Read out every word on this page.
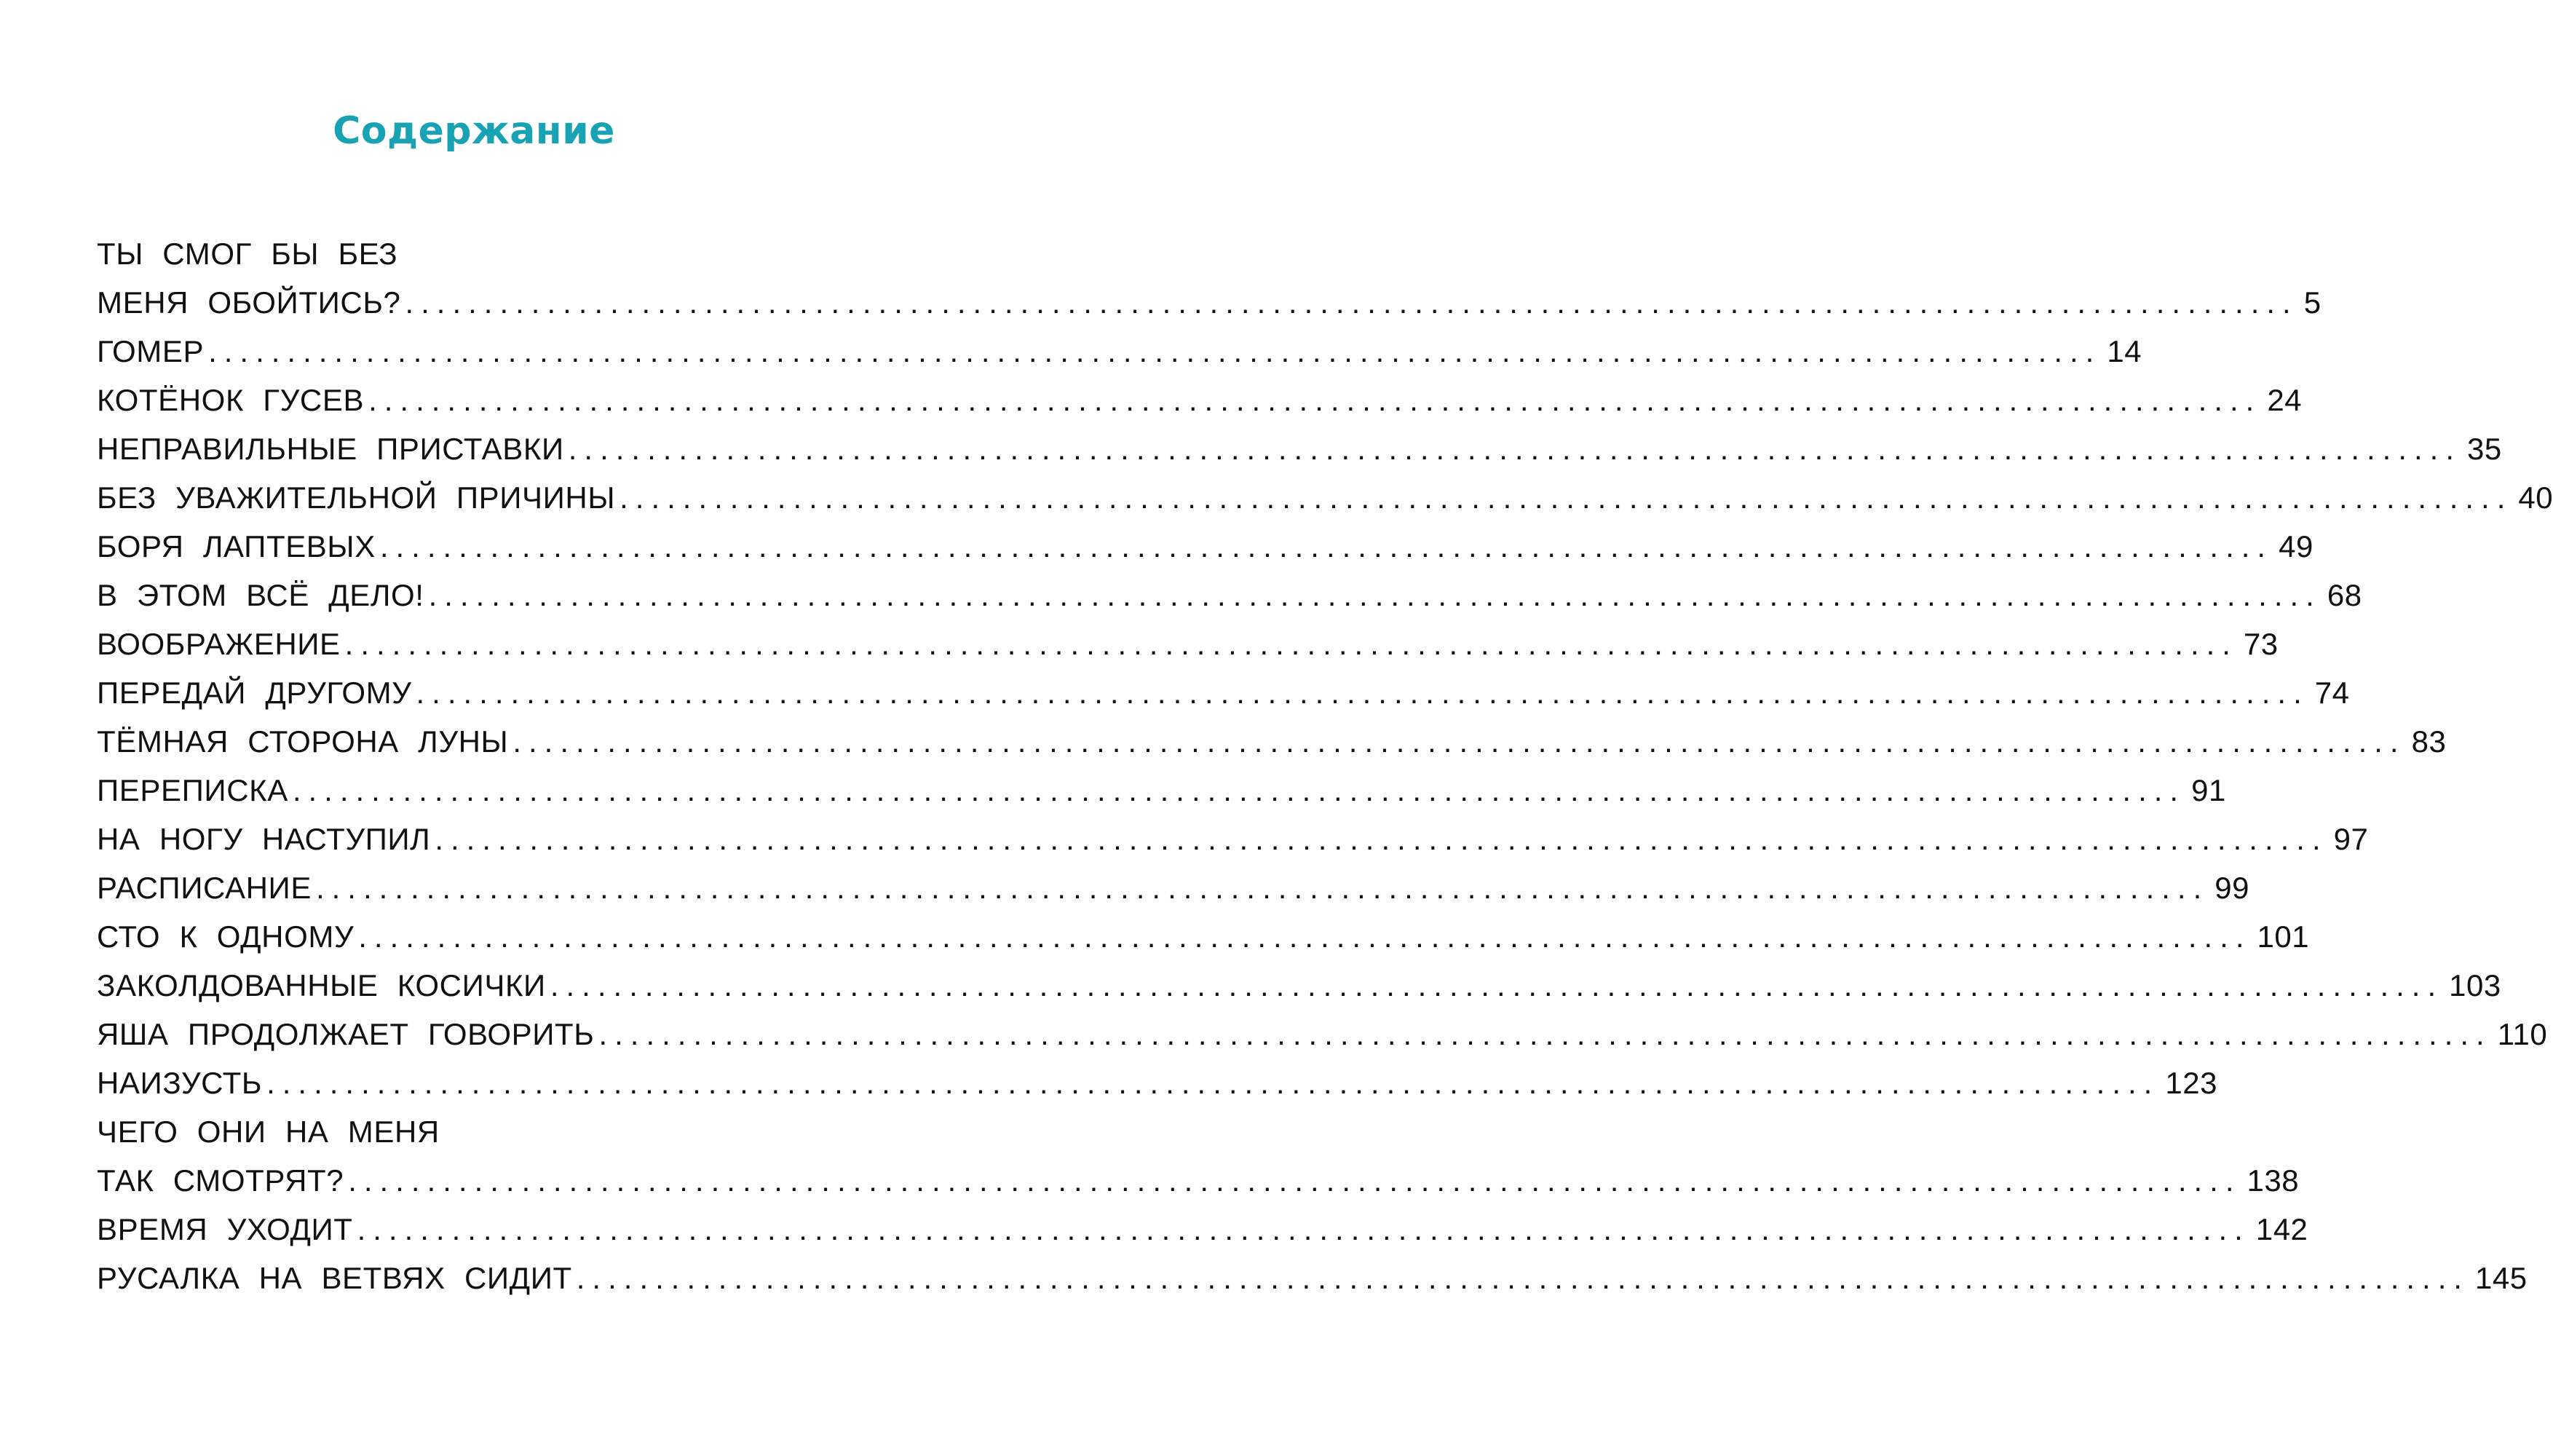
Содержание
ТЫ СМОГ БЫ БЕЗ
МЕНЯ ОБОЙТИСЬ? ........................................................................................................................ 5
ГОМЕР ........................................................................................................................ 14
КОТЁНОК ГУСЕВ ........................................................................................................................ 24
НЕПРАВИЛЬНЫЕ ПРИСТАВКИ ........................................................................................................................ 35
БЕЗ УВАЖИТЕЛЬНОЙ ПРИЧИНЫ ........................................................................................................................ 40
БОРЯ ЛАПТЕВЫХ ........................................................................................................................ 49
В ЭТОМ ВСЁ ДЕЛО! ........................................................................................................................ 68
ВООБРАЖЕНИЕ ........................................................................................................................ 73
ПЕРЕДАЙ ДРУГОМУ ........................................................................................................................ 74
ТЁМНАЯ СТОРОНА ЛУНЫ ........................................................................................................................ 83
ПЕРЕПИСКА ........................................................................................................................ 91
НА НОГУ НАСТУПИЛ ........................................................................................................................ 97
РАСПИСАНИЕ ........................................................................................................................ 99
СТО К ОДНОМУ ........................................................................................................................ 101
ЗАКОЛДОВАННЫЕ КОСИЧКИ ........................................................................................................................ 103
ЯША ПРОДОЛЖАЕТ ГОВОРИТЬ ........................................................................................................................ 110
НАИЗУСТЬ ........................................................................................................................ 123
ЧЕГО ОНИ НА МЕНЯ
ТАК СМОТРЯТ? ........................................................................................................................ 138
ВРЕМЯ УХОДИТ ........................................................................................................................ 142
РУСАЛКА НА ВЕТВЯХ СИДИТ ........................................................................................................................ 145
